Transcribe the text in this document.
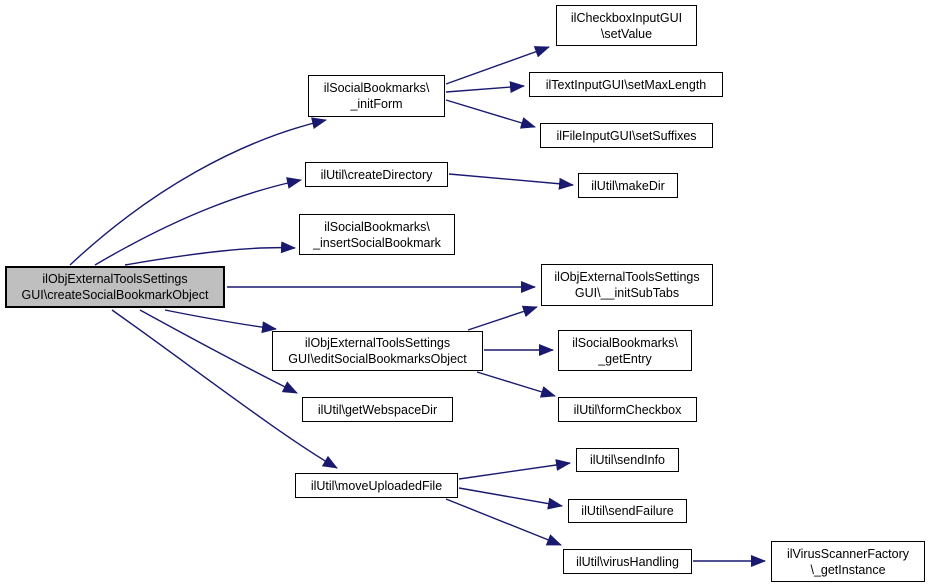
ilObjExternalToolsSettings
GUI\createSocialBookmarkObject
ilSocialBookmarks\
_initForm
ilUtil\createDirectory
ilSocialBookmarks\
_insertSocialBookmark
ilObjExternalToolsSettings
GUI\editSocialBookmarksObject
ilUtil\getWebspaceDir
ilUtil\moveUploadedFile
ilCheckboxInputGUI
\setValue
ilTextInputGUI\setMaxLength
ilFileInputGUI\setSuffixes
ilUtil\makeDir
ilObjExternalToolsSettings
GUI\__initSubTabs
ilSocialBookmarks\
_getEntry
ilUtil\formCheckbox
ilUtil\sendInfo
ilUtil\sendFailure
ilUtil\virusHandling
ilVirusScannerFactory
\_getInstance
